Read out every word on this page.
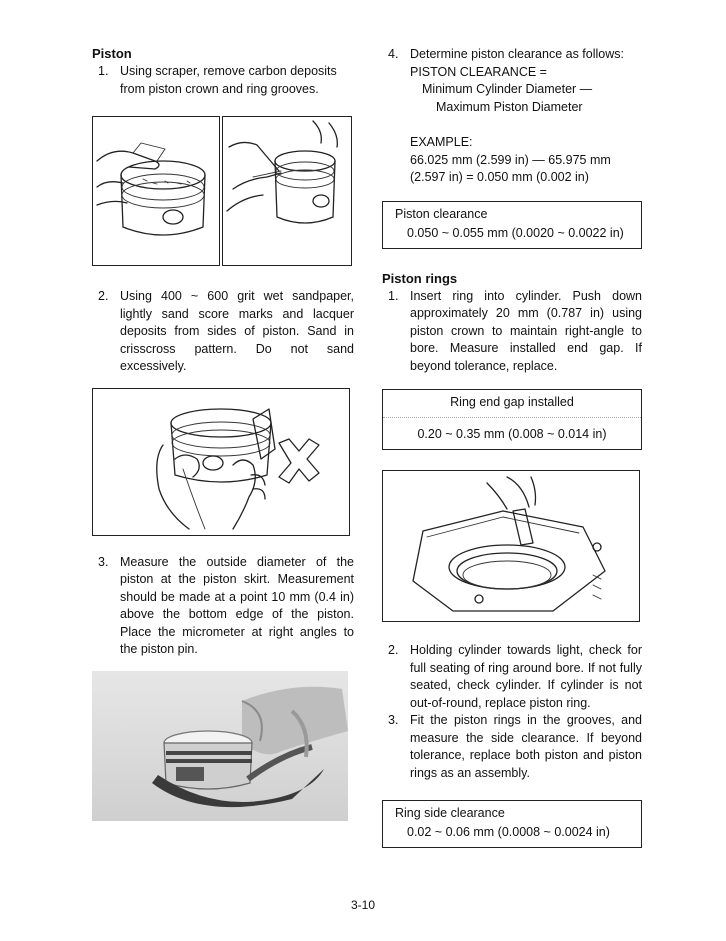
Piston

1. Using scraper, remove carbon deposits from piston crown and ring grooves.

2. Using 400 ~ 600 grit wet sandpaper, lightly sand score marks and lacquer deposits from sides of piston. Sand in crisscross pattern. Do not sand excessively.

3. Measure the outside diameter of the piston at the piston skirt. Measurement should be made at a point 10 mm (0.4 in) above the bottom edge of the piston. Place the micrometer at right angles to the piston pin.

4. Determine piston clearance as follows:

PISTON CLEARANCE =
Minimum Cylinder Diameter —
Maximum Piston Diameter
EXAMPLE:
66.025 mm (2.599 in) — 65.975 mm
(2.597 in) = 0.050 mm (0.002 in)
Piston clearance
0.050 ~ 0.055 mm (0.0020 ~ 0.0022 in)

Piston rings

1. Insert ring into cylinder. Push down approximately 20 mm (0.787 in) using piston crown to maintain right-angle to bore. Measure installed end gap. If beyond tolerance, replace.

Ring end gap installed
0.20 ~ 0.35 mm (0.008 ~ 0.014 in)

2. Holding cylinder towards light, check for full seating of ring around bore. If not fully seated, check cylinder. If cylinder is not out-of-round, replace piston ring.

3. Fit the piston rings in the grooves, and measure the side clearance. If beyond tolerance, replace both piston and piston rings as an assembly.

Ring side clearance
0.02 ~ 0.06 mm (0.0008 ~ 0.0024 in)
3-10
